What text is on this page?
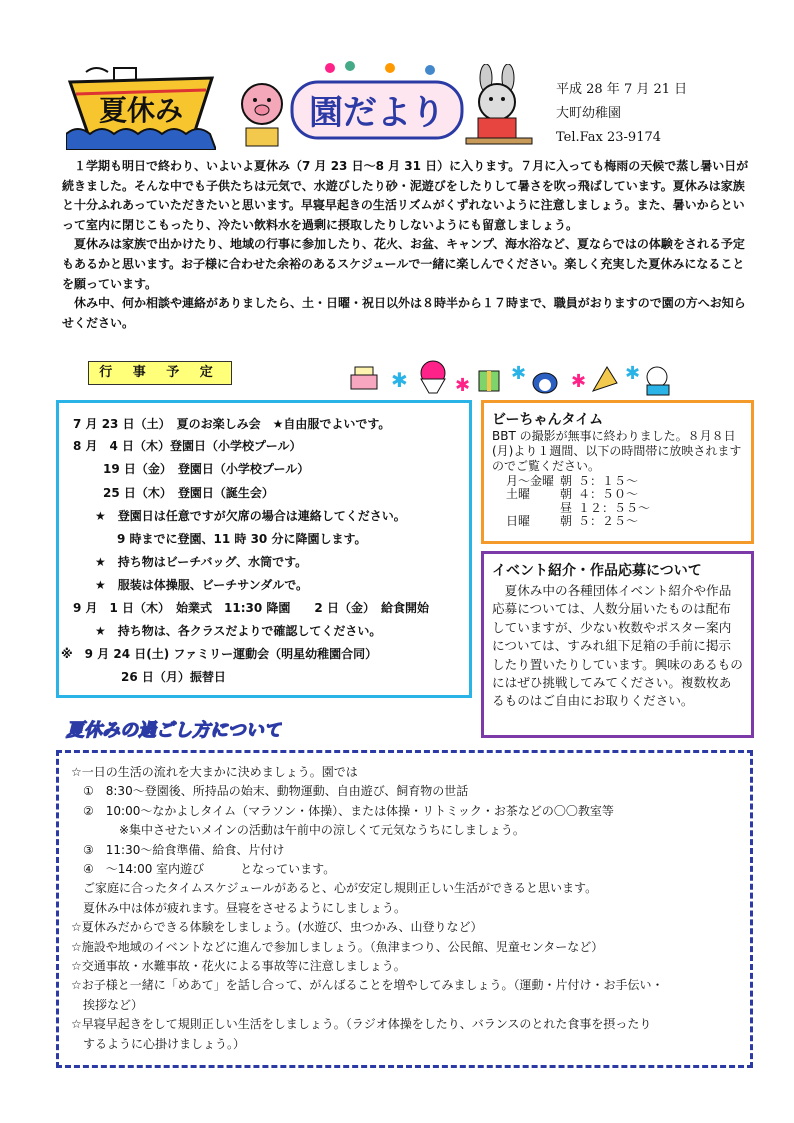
夏休み	園だより
平成 28 年 7 月 21 日
大町幼稚園
Tel.Fax 23-9174

１学期も明日で終わり、いよいよ夏休み（7 月 23 日～8 月 31 日）に入ります。７月に入っても梅雨の天候で蒸し暑い日が続きました。そんな中でも子供たちは元気で、水遊びしたり砂・泥遊びをしたりして暑さを吹っ飛ばしています。夏休みは家族と十分ふれあっていただきたいと思います。早寝早起きの生活リズムがくずれないように注意しましょう。また、暑いからといって室内に閉じこもったり、冷たい飲料水を過剰に摂取したりしないようにも留意しましょう。

夏休みは家族で出かけたり、地域の行事に参加したり、花火、お盆、キャンプ、海水浴など、夏ならではの体験をされる予定もあるかと思います。お子様に合わせた余裕のあるスケジュールで一緒に楽しんでください。楽しく充実した夏休みになることを願っています。

休み中、何か相談や連絡がありましたら、土・日曜・祝日以外は８時半から１７時まで、職員がおりますので園の方へお知らせください。

行 事 予 定	✱	✱
✱ ✱ ✱
7 月 23 日（土）　夏のお楽しみ会　★自由服でよいです。
8 月　4 日（木）登園日（小学校プール）
19 日（金）　登園日（小学校プール）
25 日（木）　登園日（誕生会）
★　登園日は任意ですが欠席の場合は連絡してください。
9 時までに登園、11 時 30 分に降園します。
★　持ち物はビーチバッグ、水筒です。
★　服装は体操服、ビーチサンダルで。
9 月　1 日（木）　始業式　11:30 降園　　2 日（金）　給食開始
★　持ち物は、各クラスだよりで確認してください。
※　9 月 24 日(土) ファミリー運動会（明星幼稚園合同）
26 日（月）振替日
ビーちゃんタイム
BBT の撮影が無事に終わりました。８月８日(月)より１週間、以下の時間帯に放映されますのでご覧ください。
月～金曜	朝	５：１５～
土曜	朝	４：５０～
	昼	１２：５５～
日曜	朝	５：２５～
イベント紹介・作品応募について
夏休み中の各種団体イベント紹介や作品応募については、人数分届いたものは配布していますが、少ない枚数やポスター案内については、すみれ組下足箱の手前に掲示したり置いたりしています。興味のあるものにはぜひ挑戦してみてください。複数枚あるものはご自由にお取りください。
夏休みの過ごし方について
☆一日の生活の流れを大まかに決めましょう。園では
　①　8:30～登園後、所持品の始末、動物運動、自由遊び、飼育物の世話
　②　10:00～なかよしタイム（マラソン・体操）、または体操・リトミック・お茶などの〇〇教室等
　　　　※集中させたいメインの活動は午前中の涼しくて元気なうちにしましょう。
　③　11:30～給食準備、給食、片付け
　④　～14:00 室内遊び　　　となっています。
　ご家庭に合ったタイムスケジュールがあると、心が安定し規則正しい生活ができると思います。
　夏休み中は体が疲れます。昼寝をさせるようにしましょう。
☆夏休みだからできる体験をしましょう。(水遊び、虫つかみ、山登りなど）
☆施設や地域のイベントなどに進んで参加しましょう。（魚津まつり、公民館、児童センターなど）
☆交通事故・水難事故・花火による事故等に注意しましょう。
☆お子様と一緒に「めあて」を話し合って、がんばることを増やしてみましょう。（運動・片付け・お手伝い・
　挨拶など）
☆早寝早起きをして規則正しい生活をしましょう。（ラジオ体操をしたり、バランスのとれた食事を摂ったり
　するように心掛けましょう。）
